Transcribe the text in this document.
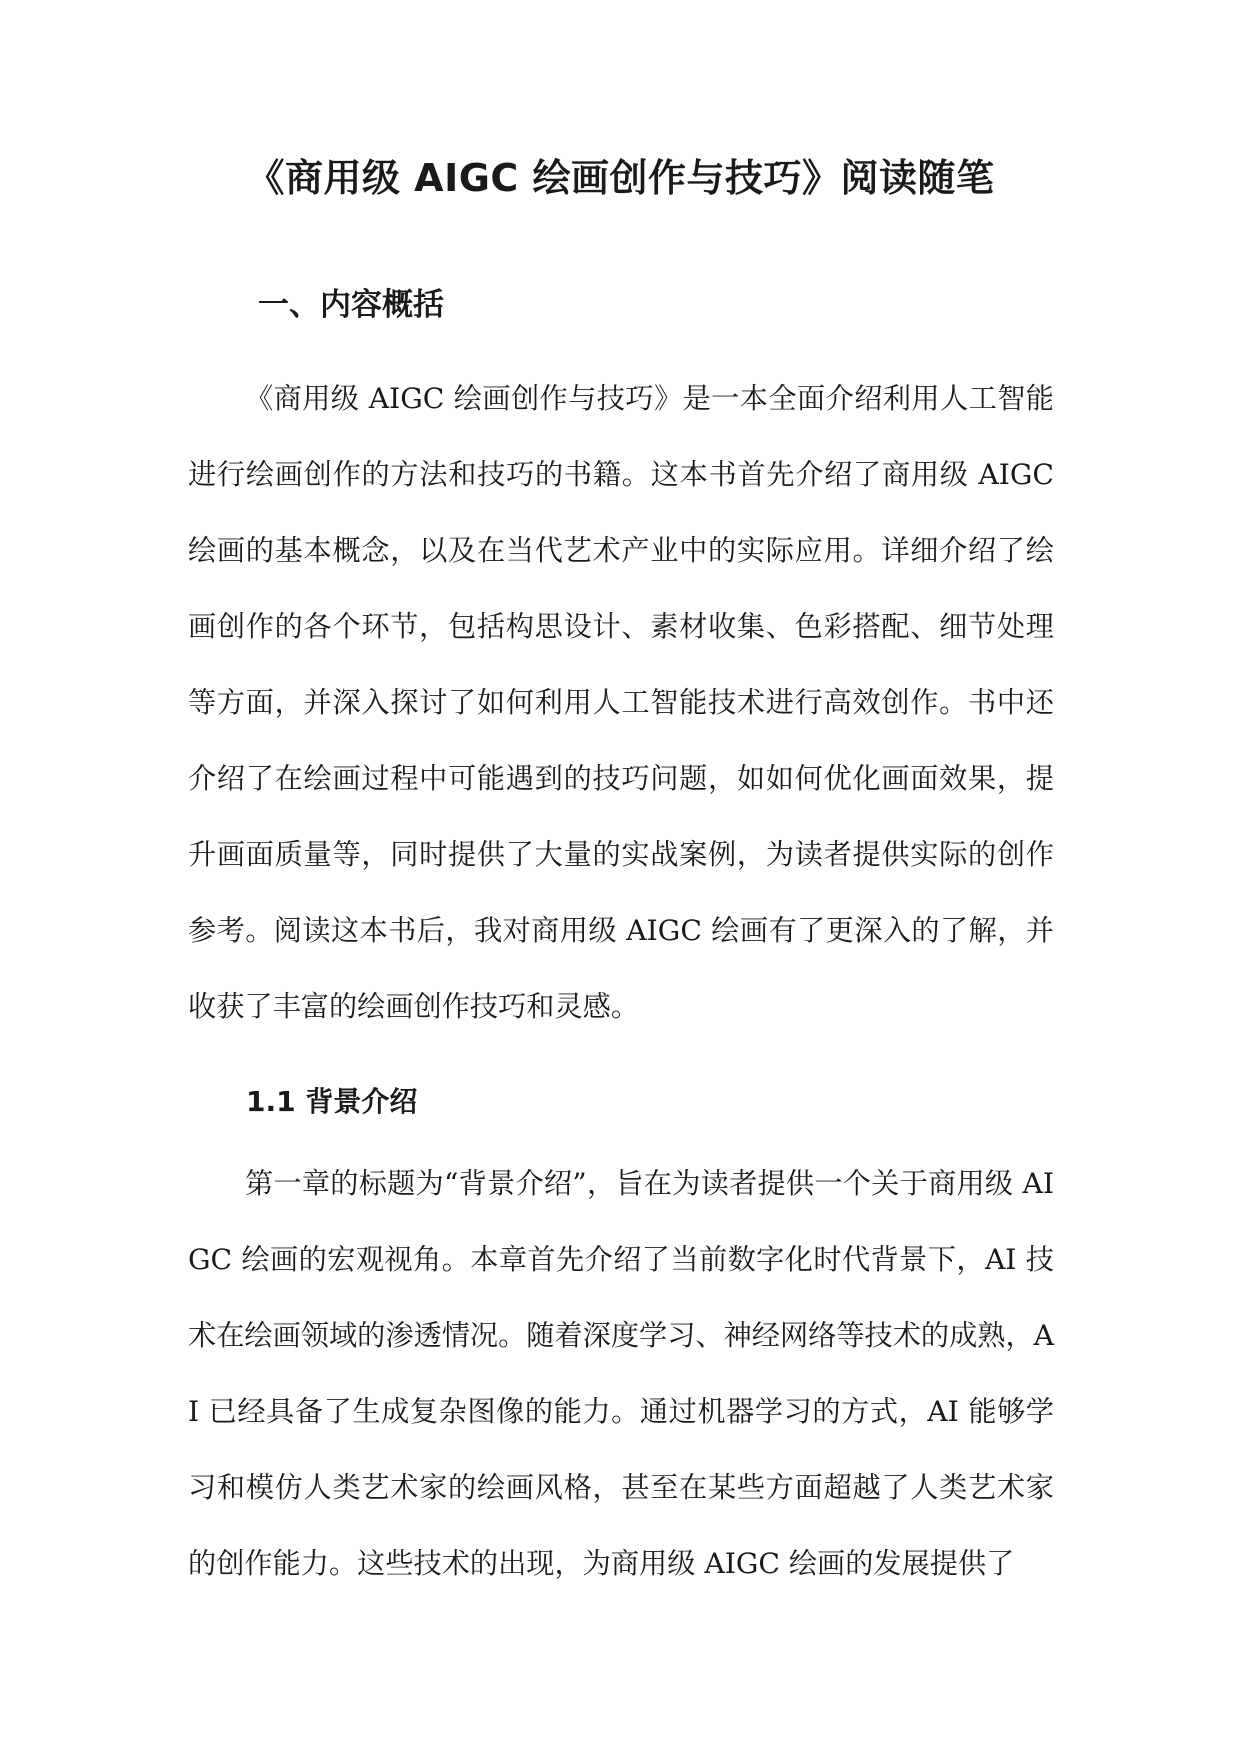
《商用级 AIGC 绘画创作与技巧》阅读随笔
一、内容概括

《商用级 AIGC 绘画创作与技巧》是一本全面介绍利用人工智能进行绘画创作的方法和技巧的书籍。这本书首先介绍了商用级 AIGC 绘画的基本概念，以及在当代艺术产业中的实际应用。详细介绍了绘画创作的各个环节，包括构思设计、素材收集、色彩搭配、细节处理等方面，并深入探讨了如何利用人工智能技术进行高效创作。书中还介绍了在绘画过程中可能遇到的技巧问题，如如何优化画面效果，提升画面质量等，同时提供了大量的实战案例，为读者提供实际的创作参考。阅读这本书后，我对商用级 AIGC 绘画有了更深入的了解，并收获了丰富的绘画创作技巧和灵感。

1.1 背景介绍

第一章的标题为“背景介绍”，旨在为读者提供一个关于商用级 AIGC 绘画的宏观视角。本章首先介绍了当前数字化时代背景下，AI 技术在绘画领域的渗透情况。随着深度学习、神经网络等技术的成熟，AI 已经具备了生成复杂图像的能力。通过机器学习的方式，AI 能够学习和模仿人类艺术家的绘画风格，甚至在某些方面超越了人类艺术家的创作能力。这些技术的出现，为商用级 AIGC 绘画的发展提供了
